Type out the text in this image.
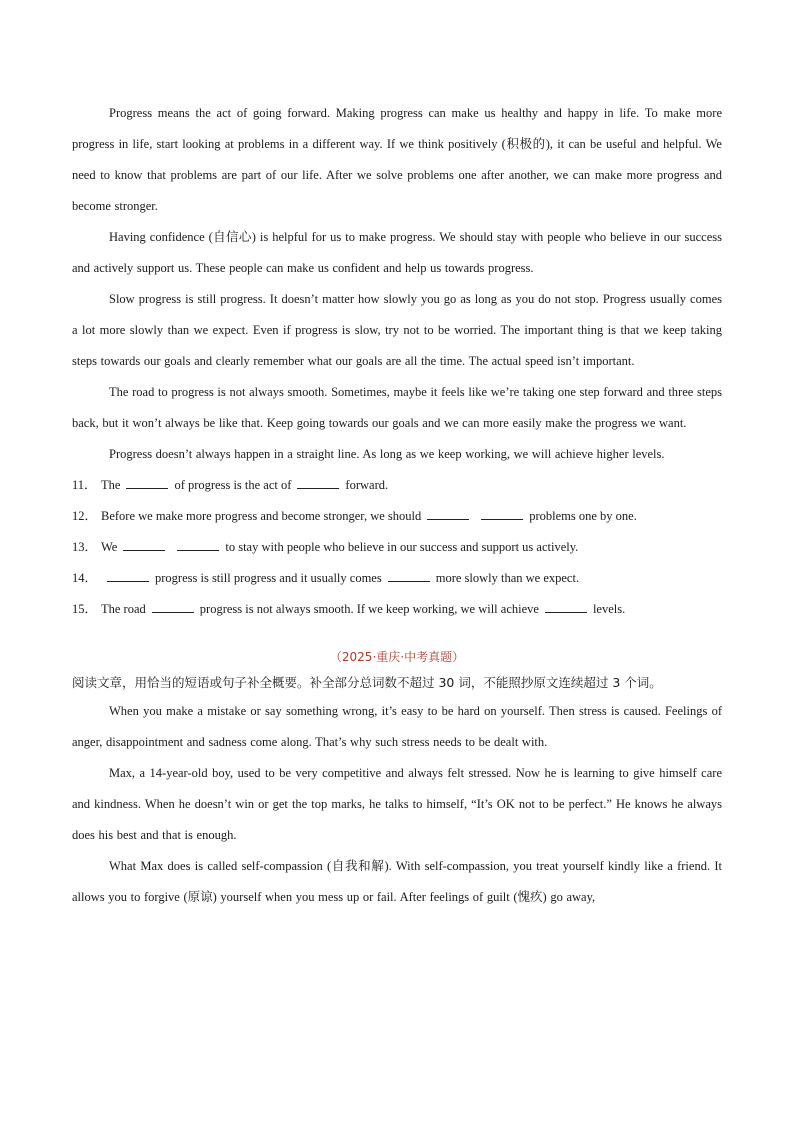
Progress means the act of going forward. Making progress can make us healthy and happy in life. To make more progress in life, start looking at problems in a different way. If we think positively (积极的), it can be useful and helpful. We need to know that problems are part of our life. After we solve problems one after another, we can make more progress and become stronger.

Having confidence (自信心) is helpful for us to make progress. We should stay with people who believe in our success and actively support us. These people can make us confident and help us towards progress.

Slow progress is still progress. It doesn’t matter how slowly you go as long as you do not stop. Progress usually comes a lot more slowly than we expect. Even if progress is slow, try not to be worried. The important thing is that we keep taking steps towards our goals and clearly remember what our goals are all the time. The actual speed isn’t important.

The road to progress is not always smooth. Sometimes, maybe it feels like we’re taking one step forward and three steps back, but it won’t always be like that. Keep going towards our goals and we can more easily make the progress we want.

Progress doesn’t always happen in a straight line. As long as we keep working, we will achieve higher levels.

11． The	of progress is the act of	forward.

12． Before we make more progress and become stronger, we should	problems one by one.

13． We	to stay with people who believe in our success and support us actively.

14．	progress is still progress and it usually comes	more slowly than we expect.

15． The road	progress is not always smooth. If we keep working, we will achieve	levels.

（2025·重庆·中考真题）

阅读文章，用恰当的短语或句子补全概要。补全部分总词数不超过 30 词，不能照抄原文连续超过 3 个词。

When you make a mistake or say something wrong, it’s easy to be hard on yourself. Then stress is caused. Feelings of anger, disappointment and sadness come along. That’s why such stress needs to be dealt with.

Max, a 14-year-old boy, used to be very competitive and always felt stressed. Now he is learning to give himself care and kindness. When he doesn’t win or get the top marks, he talks to himself, “It’s OK not to be perfect.” He knows he always does his best and that is enough.

What Max does is called self-compassion (自我和解). With self-compassion, you treat yourself kindly like a friend. It allows you to forgive (原谅) yourself when you mess up or fail. After feelings of guilt (愧疚) go away,
